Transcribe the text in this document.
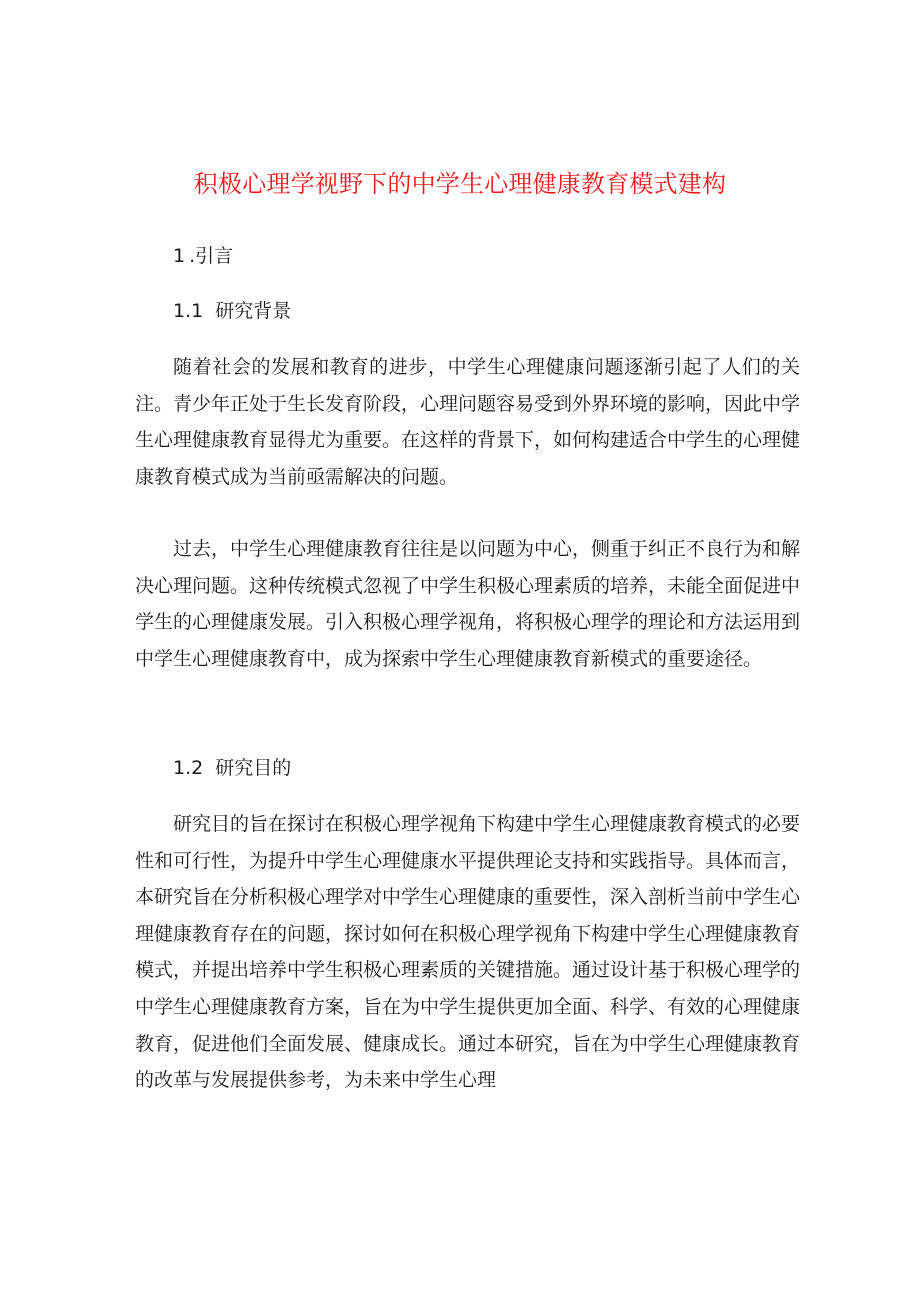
积极心理学视野下的中学生心理健康教育模式建构
1 .引言
1.1 研究背景

随着社会的发展和教育的进步，中学生心理健康问题逐渐引起了人们的关注。青少年正处于生长发育阶段，心理问题容易受到外界环境的影响，因此中学生心理健康教育显得尤为重要。在这样的背景下，如何构建适合中学生的心理健康教育模式成为当前亟需解决的问题。

过去，中学生心理健康教育往往是以问题为中心，侧重于纠正不良行为和解决心理问题。这种传统模式忽视了中学生积极心理素质的培养，未能全面促进中学生的心理健康发展。引入积极心理学视角，将积极心理学的理论和方法运用到中学生心理健康教育中，成为探索中学生心理健康教育新模式的重要途径。

1.2 研究目的

研究目的旨在探讨在积极心理学视角下构建中学生心理健康教育模式的必要性和可行性，为提升中学生心理健康水平提供理论支持和实践指导。具体而言，本研究旨在分析积极心理学对中学生心理健康的重要性，深入剖析当前中学生心理健康教育存在的问题，探讨如何在积极心理学视角下构建中学生心理健康教育模式，并提出培养中学生积极心理素质的关键措施。通过设计基于积极心理学的中学生心理健康教育方案，旨在为中学生提供更加全面、科学、有效的心理健康教育，促进他们全面发展、健康成长。通过本研究，旨在为中学生心理健康教育的改革与发展提供参考，为未来中学生心理
